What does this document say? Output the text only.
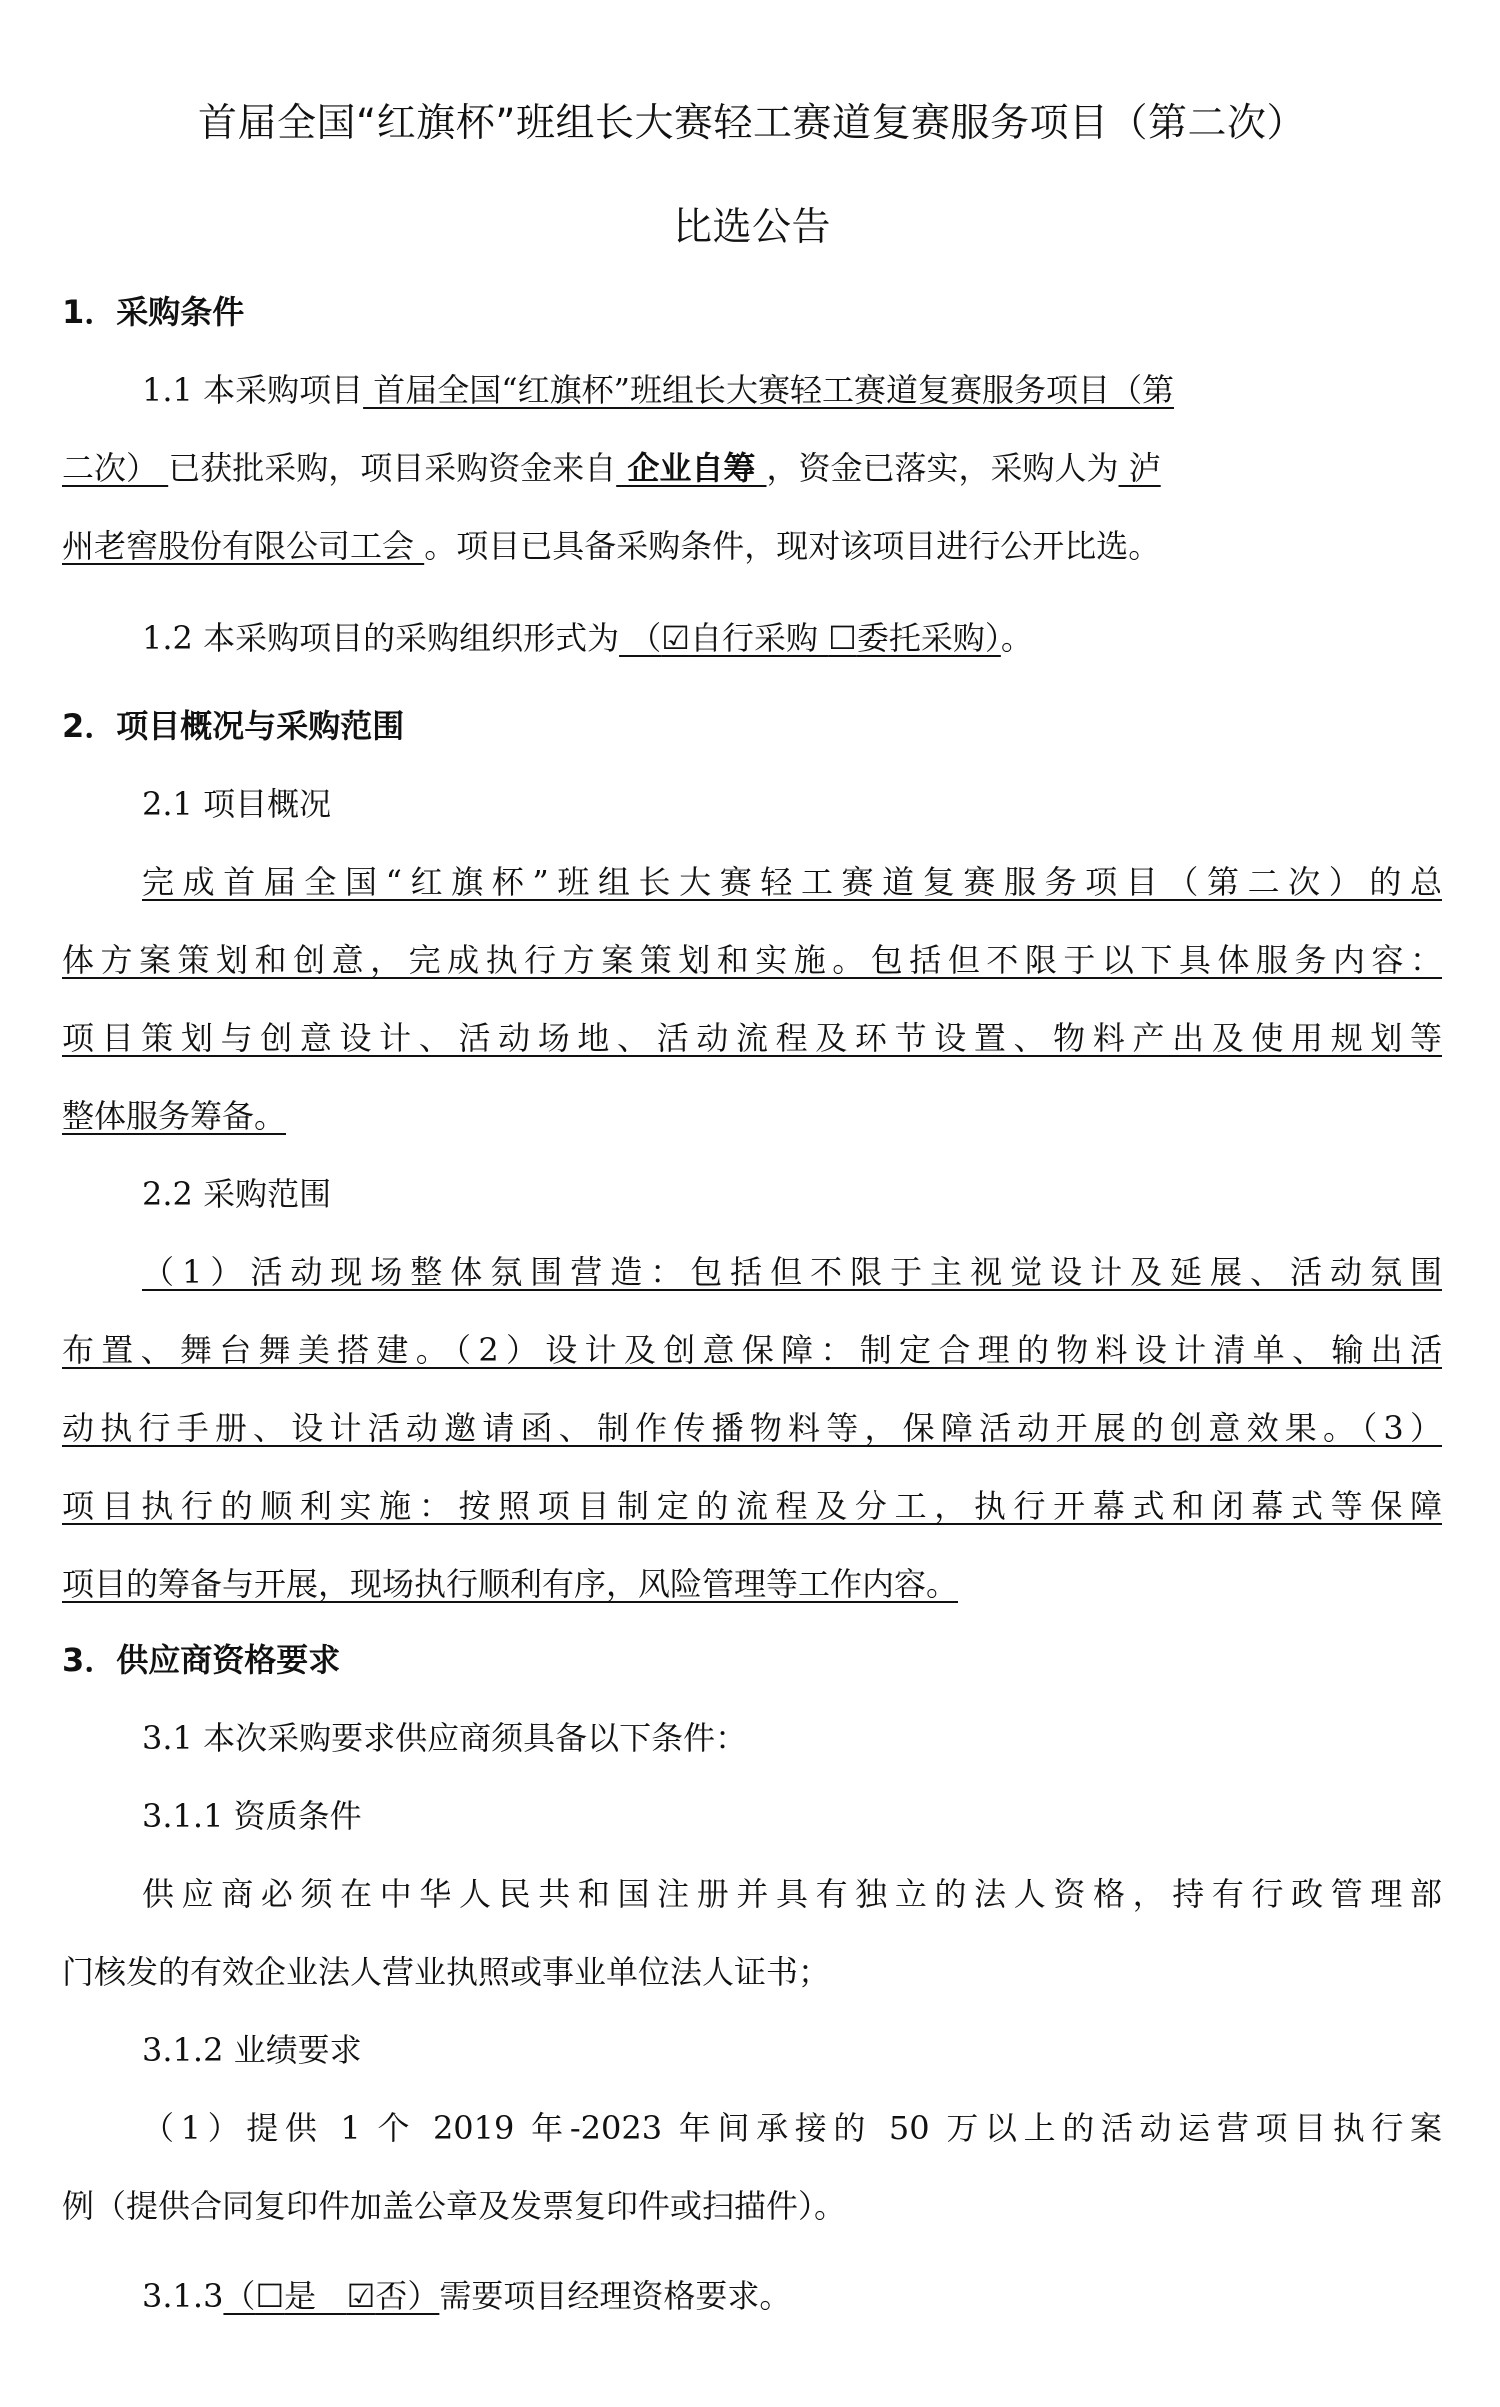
首届全国“红旗杯”班组长大赛轻工赛道复赛服务项目（第二次）
比选公告
1．采购条件
1.1 本采购项目 首届全国“红旗杯”班组长大赛轻工赛道复赛服务项目（第
二次） 已获批采购，项目采购资金来自 企业自筹 ，资金已落实，采购人为 泸
州老窖股份有限公司工会 。项目已具备采购条件，现对该项目进行公开比选。
1.2 本采购项目的采购组织形式为 （☑自行采购 ☐委托采购）。
2．项目概况与采购范围
2.1 项目概况
完成首届全国“红旗杯”班组长大赛轻工赛道复赛服务项目（第二次）的总
体方案策划和创意，完成执行方案策划和实施。包括但不限于以下具体服务内容：
项目策划与创意设计、活动场地、活动流程及环节设置、物料产出及使用规划等
整体服务筹备。
2.2 采购范围
（1）活动现场整体氛围营造：包括但不限于主视觉设计及延展、活动氛围
布置、舞台舞美搭建。（2）设计及创意保障：制定合理的物料设计清单、输出活
动执行手册、设计活动邀请函、制作传播物料等，保障活动开展的创意效果。（3）
项目执行的顺利实施：按照项目制定的流程及分工，执行开幕式和闭幕式等保障
项目的筹备与开展，现场执行顺利有序，风险管理等工作内容。
3．供应商资格要求
3.1 本次采购要求供应商须具备以下条件：
3.1.1 资质条件
供应商必须在中华人民共和国注册并具有独立的法人资格，持有行政管理部
门核发的有效企业法人营业执照或事业单位法人证书；
3.1.2 业绩要求
（1）提供 1 个 2019 年-2023 年间承接的 50 万以上的活动运营项目执行案
例（提供合同复印件加盖公章及发票复印件或扫描件）。
3.1.3（☐是   ☑否）需要项目经理资格要求。
